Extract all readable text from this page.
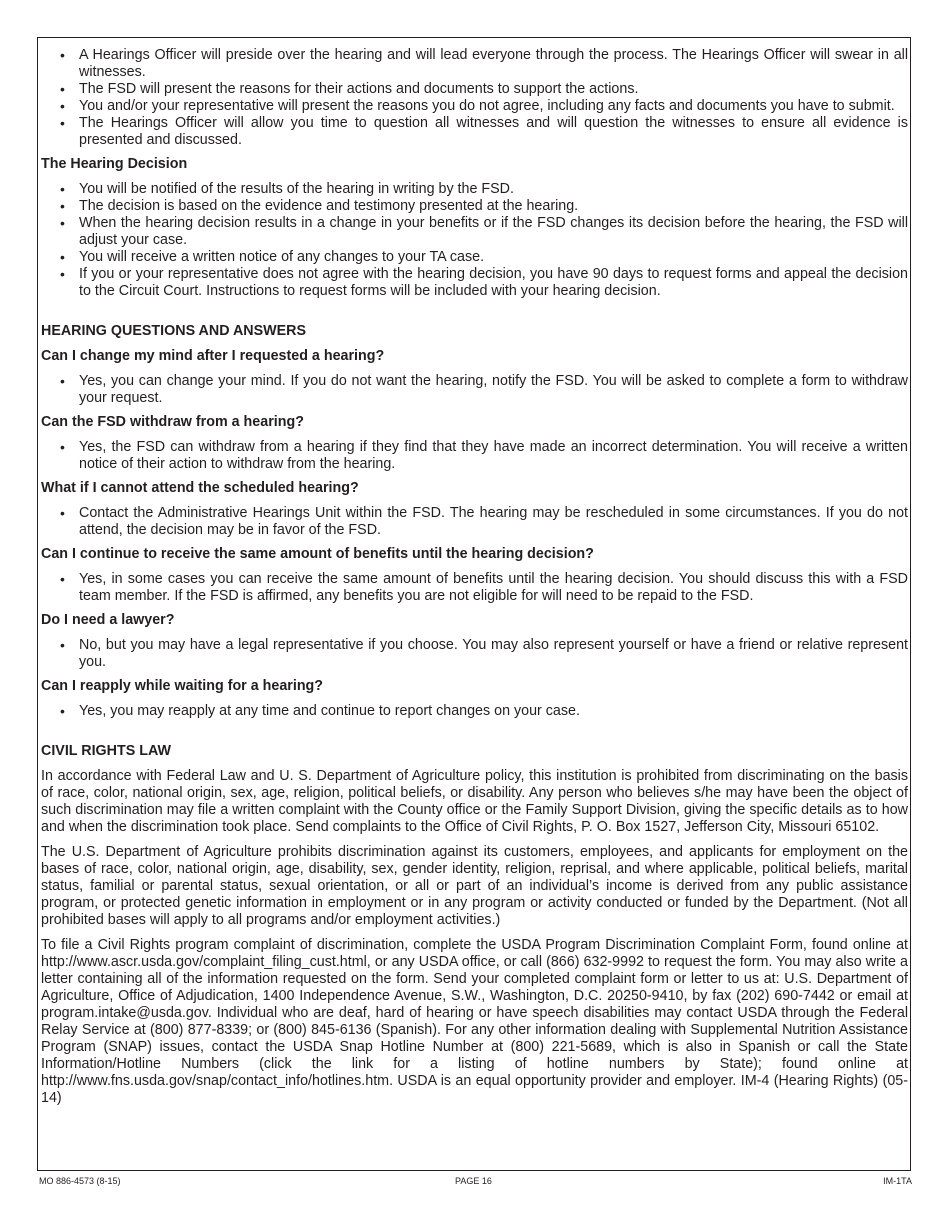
• A Hearings Officer will preside over the hearing and will lead everyone through the process. The Hearings Officer will swear in all witnesses.
• The FSD will present the reasons for their actions and documents to support the actions.
• You and/or your representative will present the reasons you do not agree, including any facts and documents you have to submit.
• The Hearings Officer will allow you time to question all witnesses and will question the witnesses to ensure all evidence is presented and discussed.
The Hearing Decision
• You will be notified of the results of the hearing in writing by the FSD.
• The decision is based on the evidence and testimony presented at the hearing.
• When the hearing decision results in a change in your benefits or if the FSD changes its decision before the hearing, the FSD will adjust your case.
• You will receive a written notice of any changes to your TA case.
• If you or your representative does not agree with the hearing decision, you have 90 days to request forms and appeal the decision to the Circuit Court. Instructions to request forms will be included with your hearing decision.
HEARING QUESTIONS AND ANSWERS
Can I change my mind after I requested a hearing?
• Yes, you can change your mind. If you do not want the hearing, notify the FSD. You will be asked to complete a form to withdraw your request.
Can the FSD withdraw from a hearing?
• Yes, the FSD can withdraw from a hearing if they find that they have made an incorrect determination. You will receive a written notice of their action to withdraw from the hearing.
What if I cannot attend the scheduled hearing?
• Contact the Administrative Hearings Unit within the FSD. The hearing may be rescheduled in some circumstances. If you do not attend, the decision may be in favor of the FSD.
Can I continue to receive the same amount of benefits until the hearing decision?
• Yes, in some cases you can receive the same amount of benefits until the hearing decision. You should discuss this with a FSD team member. If the FSD is affirmed, any benefits you are not eligible for will need to be repaid to the FSD.
Do I need a lawyer?
• No, but you may have a legal representative if you choose. You may also represent yourself or have a friend or relative represent you.
Can I reapply while waiting for a hearing?
• Yes, you may reapply at any time and continue to report changes on your case.
CIVIL RIGHTS LAW

In accordance with Federal Law and U. S. Department of Agriculture policy, this institution is prohibited from discriminating on the basis of race, color, national origin, sex, age, religion, political beliefs, or disability. Any person who believes s/he may have been the object of such discrimination may file a written complaint with the County office or the Family Support Division, giving the specific details as to how and when the discrimination took place. Send complaints to the Office of Civil Rights, P. O. Box 1527, Jefferson City, Missouri 65102.

The U.S. Department of Agriculture prohibits discrimination against its customers, employees, and applicants for employment on the bases of race, color, national origin, age, disability, sex, gender identity, religion, reprisal, and where applicable, political beliefs, marital status, familial or parental status, sexual orientation, or all or part of an individual’s income is derived from any public assistance program, or protected genetic information in employment or in any program or activity conducted or funded by the Department. (Not all prohibited bases will apply to all programs and/or employment activities.)

To file a Civil Rights program complaint of discrimination, complete the USDA Program Discrimination Complaint Form, found online at http://www.ascr.usda.gov/complaint_filing_cust.html, or any USDA office, or call (866) 632-9992 to request the form. You may also write a letter containing all of the information requested on the form. Send your completed complaint form or letter to us at: U.S. Department of Agriculture, Office of Adjudication, 1400 Independence Avenue, S.W., Washington, D.C. 20250-9410, by fax (202) 690-7442 or email at program.intake@usda.gov. Individual who are deaf, hard of hearing or have speech disabilities may contact USDA through the Federal Relay Service at (800) 877-8339; or (800) 845-6136 (Spanish). For any other information dealing with Supplemental Nutrition Assistance Program (SNAP) issues, contact the USDA Snap Hotline Number at (800) 221-5689, which is also in Spanish or call the State Information/Hotline Numbers (click the link for a listing of hotline numbers by State); found online at http://www.fns.usda.gov/snap/contact_info/hotlines.htm. USDA is an equal opportunity provider and employer. IM-4 (Hearing Rights) (05-14)

MO 886-4573 (8-15)	PAGE 16	IM-1TA
